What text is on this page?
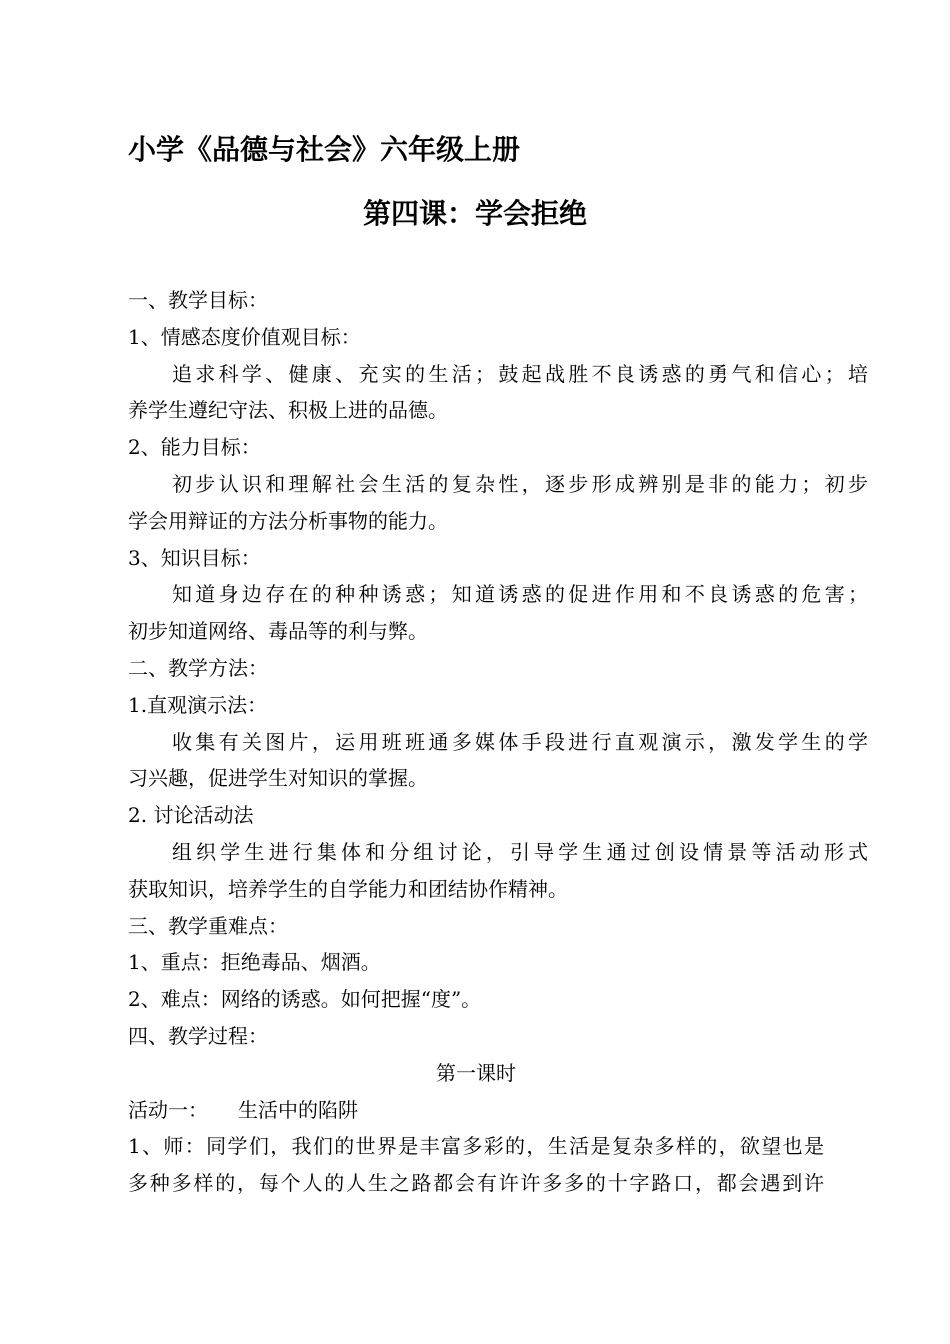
小学《品德与社会》六年级上册
第四课：学会拒绝
一、教学目标：
1、情感态度价值观目标：
追求科学、健康、充实的生活；鼓起战胜不良诱惑的勇气和信心；培
养学生遵纪守法、积极上进的品德。
2、能力目标：
初步认识和理解社会生活的复杂性，逐步形成辨别是非的能力；初步
学会用辩证的方法分析事物的能力。
3、知识目标：
知道身边存在的种种诱惑；知道诱惑的促进作用和不良诱惑的危害；
初步知道网络、毒品等的利与弊。
二、教学方法：
1.直观演示法：
收集有关图片，运用班班通多媒体手段进行直观演示，激发学生的学
习兴趣，促进学生对知识的掌握。
2. 讨论活动法
组织学生进行集体和分组讨论，引导学生通过创设情景等活动形式
获取知识，培养学生的自学能力和团结协作精神。
三、教学重难点：
1、重点：拒绝毒品、烟酒。
2、难点：网络的诱惑。如何把握“度”。
四、教学过程：
第一课时
活动一：　　生活中的陷阱
1、师：同学们，我们的世界是丰富多彩的，生活是复杂多样的，欲望也是
多种多样的，每个人的人生之路都会有许许多多的十字路口，都会遇到许
